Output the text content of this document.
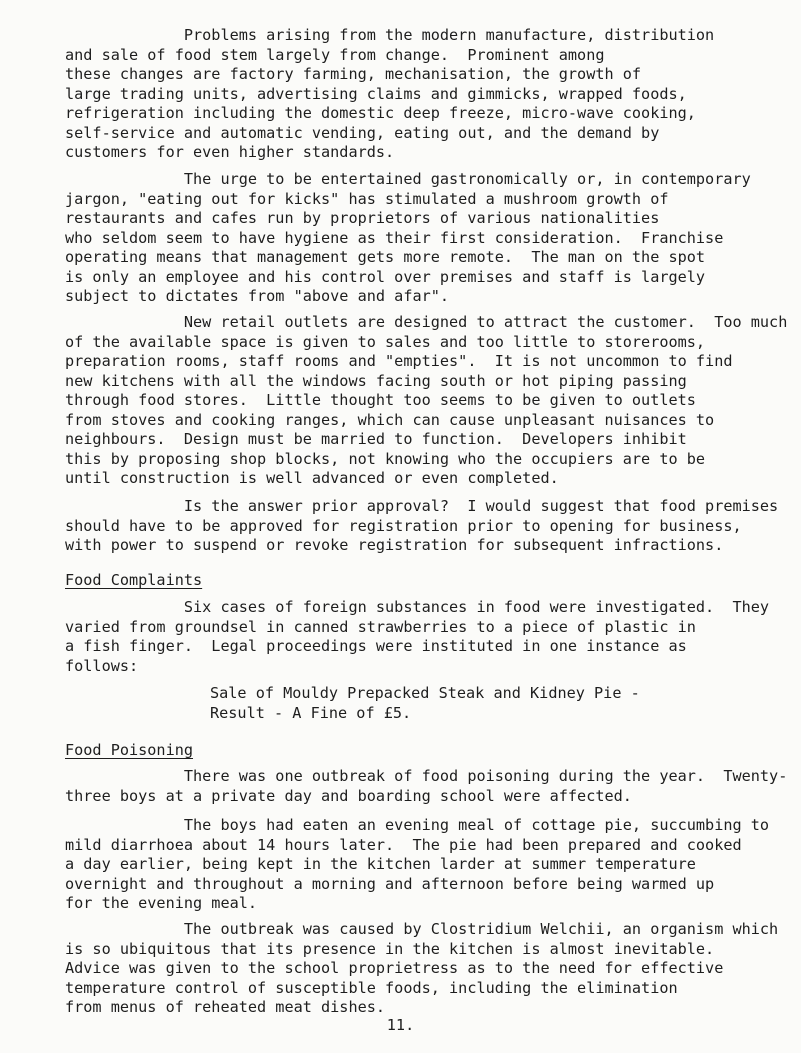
Problems arising from the modern manufacture, distribution
and sale of food stem largely from change.  Prominent among
these changes are factory farming, mechanisation, the growth of
large trading units, advertising claims and gimmicks, wrapped foods,
refrigeration including the domestic deep freeze, micro-wave cooking,
self-service and automatic vending, eating out, and the demand by
customers for even higher standards.

The urge to be entertained gastronomically or, in contemporary
jargon, "eating out for kicks" has stimulated a mushroom growth of
restaurants and cafes run by proprietors of various nationalities
who seldom seem to have hygiene as their first consideration.  Franchise
operating means that management gets more remote.  The man on the spot
is only an employee and his control over premises and staff is largely
subject to dictates from "above and afar".

New retail outlets are designed to attract the customer.  Too much
of the available space is given to sales and too little to storerooms,
preparation rooms, staff rooms and "empties".  It is not uncommon to find
new kitchens with all the windows facing south or hot piping passing
through food stores.  Little thought too seems to be given to outlets
from stoves and cooking ranges, which can cause unpleasant nuisances to
neighbours.  Design must be married to function.  Developers inhibit
this by proposing shop blocks, not knowing who the occupiers are to be
until construction is well advanced or even completed.

Is the answer prior approval?  I would suggest that food premises
should have to be approved for registration prior to opening for business,
with power to suspend or revoke registration for subsequent infractions.

Food Complaints

Six cases of foreign substances in food were investigated.  They
varied from groundsel in canned strawberries to a piece of plastic in
a fish finger.  Legal proceedings were instituted in one instance as
follows:

Sale of Mouldy Prepacked Steak and Kidney Pie -
Result - A Fine of £5.

Food Poisoning

There was one outbreak of food poisoning during the year.  Twenty-
three boys at a private day and boarding school were affected.

The boys had eaten an evening meal of cottage pie, succumbing to
mild diarrhoea about 14 hours later.  The pie had been prepared and cooked
a day earlier, being kept in the kitchen larder at summer temperature
overnight and throughout a morning and afternoon before being warmed up
for the evening meal.

The outbreak was caused by Clostridium Welchii, an organism which
is so ubiquitous that its presence in the kitchen is almost inevitable.
Advice was given to the school proprietress as to the need for effective
temperature control of susceptible foods, including the elimination
from menus of reheated meat dishes.

11.
